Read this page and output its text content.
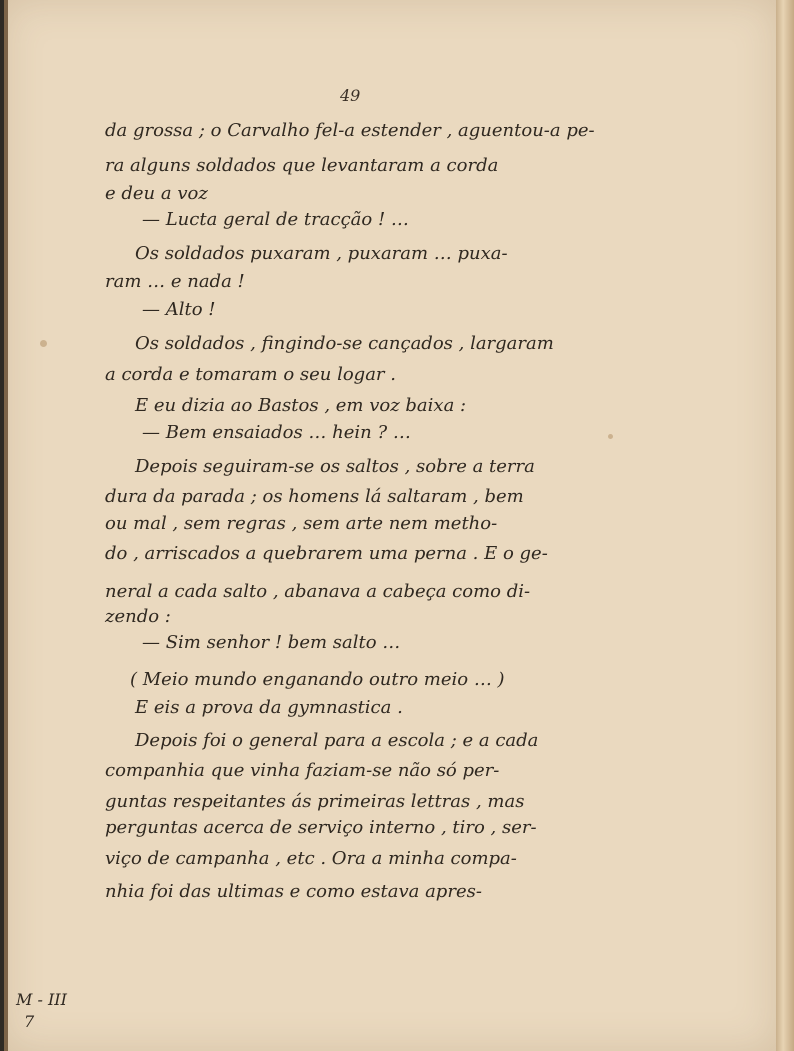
49
da grossa ; o Carvalho fel-a estender , aguentou-a pe-
ra alguns soldados que levantaram a corda
e deu a voz
— Lucta geral de tracção ! …
Os soldados puxaram , puxaram … puxa-
ram … e nada !
— Alto !
Os soldados , fingindo-se cançados , largaram
a corda e tomaram o seu logar .
E eu dizia ao Bastos , em voz baixa :
— Bem ensaiados … hein ? …
Depois seguiram-se os saltos , sobre a terra
dura da parada ; os homens lá saltaram , bem
ou mal , sem regras , sem arte nem metho-
do , arriscados a quebrarem uma perna . E o ge-
neral a cada salto , abanava a cabeça como di-
zendo :
— Sim senhor ! bem salto …
( Meio mundo enganando outro meio … )
E eis a prova da gymnastica .
Depois foi o general para a escola ; e a cada
companhia que vinha faziam-se não só per-
guntas respeitantes ás primeiras lettras , mas
perguntas acerca de serviço interno , tiro , ser-
viço de campanha , etc . Ora a minha compa-
nhia foi das ultimas e como estava apres-
M - III
7
